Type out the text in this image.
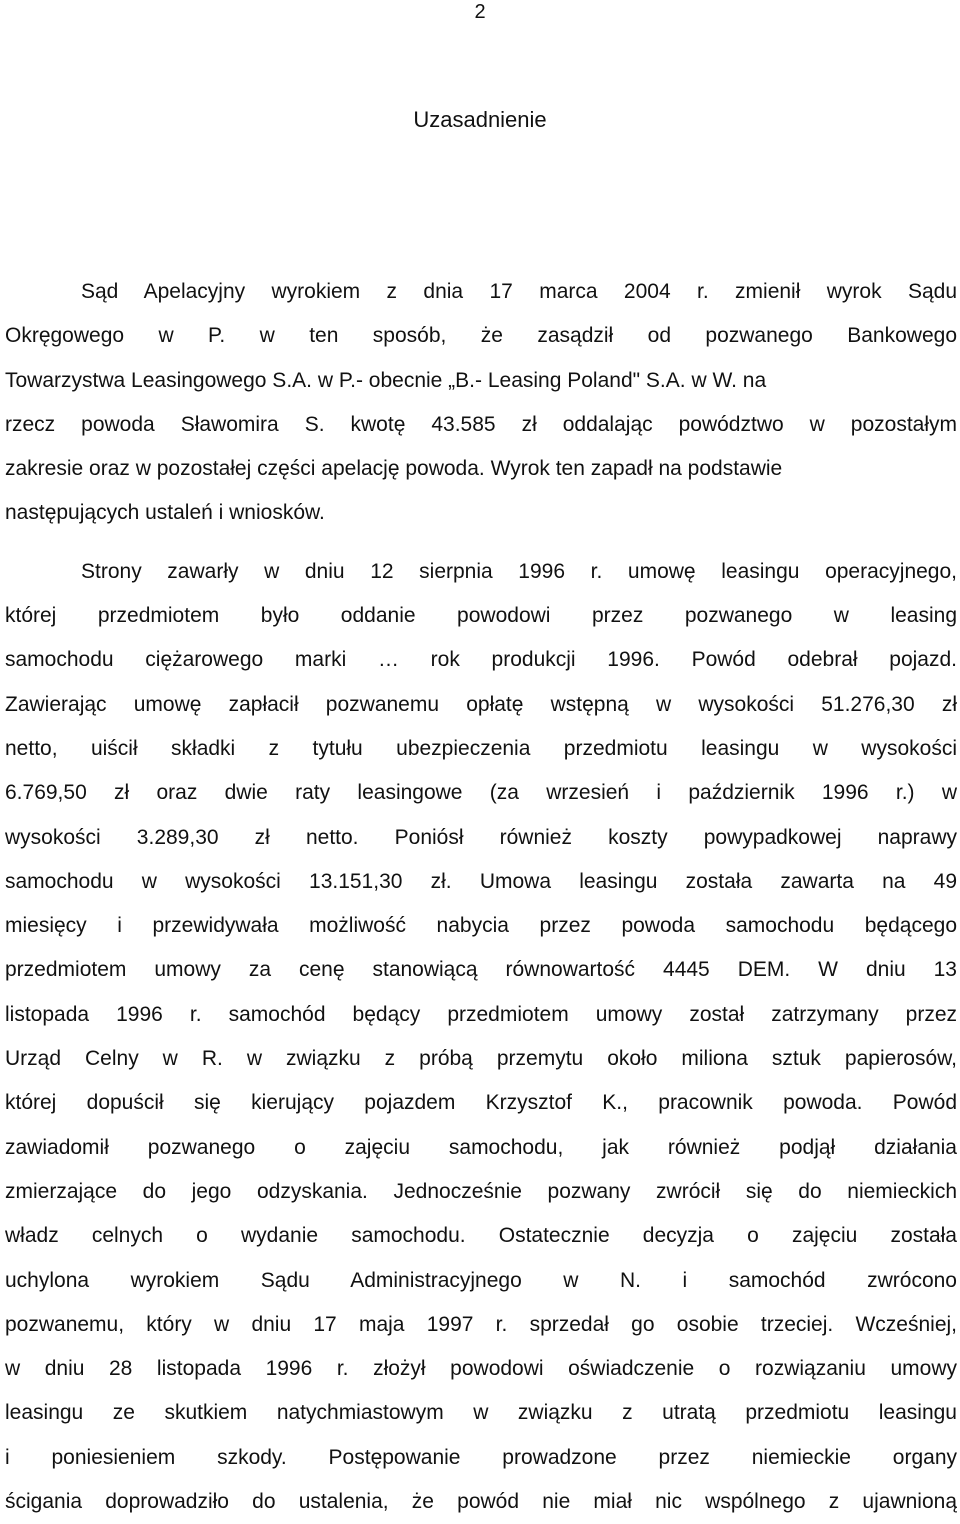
2
Uzasadnienie
Sąd Apelacyjny wyrokiem z dnia 17 marca 2004 r. zmienił wyrok Sądu
Okręgowego w P. w ten sposób, że zasądził od pozwanego Bankowego
Towarzystwa Leasingowego S.A. w P.- obecnie „B.- Leasing Poland" S.A. w W. na
rzecz powoda Sławomira S. kwotę 43.585 zł oddalając powództwo w pozostałym
zakresie oraz w pozostałej części apelację powoda. Wyrok ten zapadł na podstawie
następujących ustaleń i wniosków.
Strony zawarły w dniu 12 sierpnia 1996 r. umowę leasingu operacyjnego,
której przedmiotem było oddanie powodowi przez pozwanego w leasing
samochodu ciężarowego marki … rok produkcji 1996. Powód odebrał pojazd.
Zawierając umowę zapłacił pozwanemu opłatę wstępną w wysokości 51.276,30 zł
netto, uiścił składki z tytułu ubezpieczenia przedmiotu leasingu w wysokości
6.769,50 zł oraz dwie raty leasingowe (za wrzesień i październik 1996 r.) w
wysokości 3.289,30 zł netto. Poniósł również koszty powypadkowej naprawy
samochodu w wysokości 13.151,30 zł. Umowa leasingu została zawarta na 49
miesięcy i przewidywała możliwość nabycia przez powoda samochodu będącego
przedmiotem umowy za cenę stanowiącą równowartość 4445 DEM. W dniu 13
listopada 1996 r. samochód będący przedmiotem umowy został zatrzymany przez
Urząd Celny w R. w związku z próbą przemytu około miliona sztuk papierosów,
której dopuścił się kierujący pojazdem Krzysztof K., pracownik powoda. Powód
zawiadomił pozwanego o zajęciu samochodu, jak również podjął działania
zmierzające do jego odzyskania. Jednocześnie pozwany zwrócił się do niemieckich
władz celnych o wydanie samochodu. Ostatecznie decyzja o zajęciu została
uchylona wyrokiem Sądu Administracyjnego w N. i samochód zwrócono
pozwanemu, który w dniu 17 maja 1997 r. sprzedał go osobie trzeciej. Wcześniej,
w dniu 28 listopada 1996 r. złożył powodowi oświadczenie o rozwiązaniu umowy
leasingu ze skutkiem natychmiastowym w związku z utratą przedmiotu leasingu
i poniesieniem szkody. Postępowanie prowadzone przez niemieckie organy
ścigania doprowadziło do ustalenia, że powód nie miał nic wspólnego z ujawnioną
